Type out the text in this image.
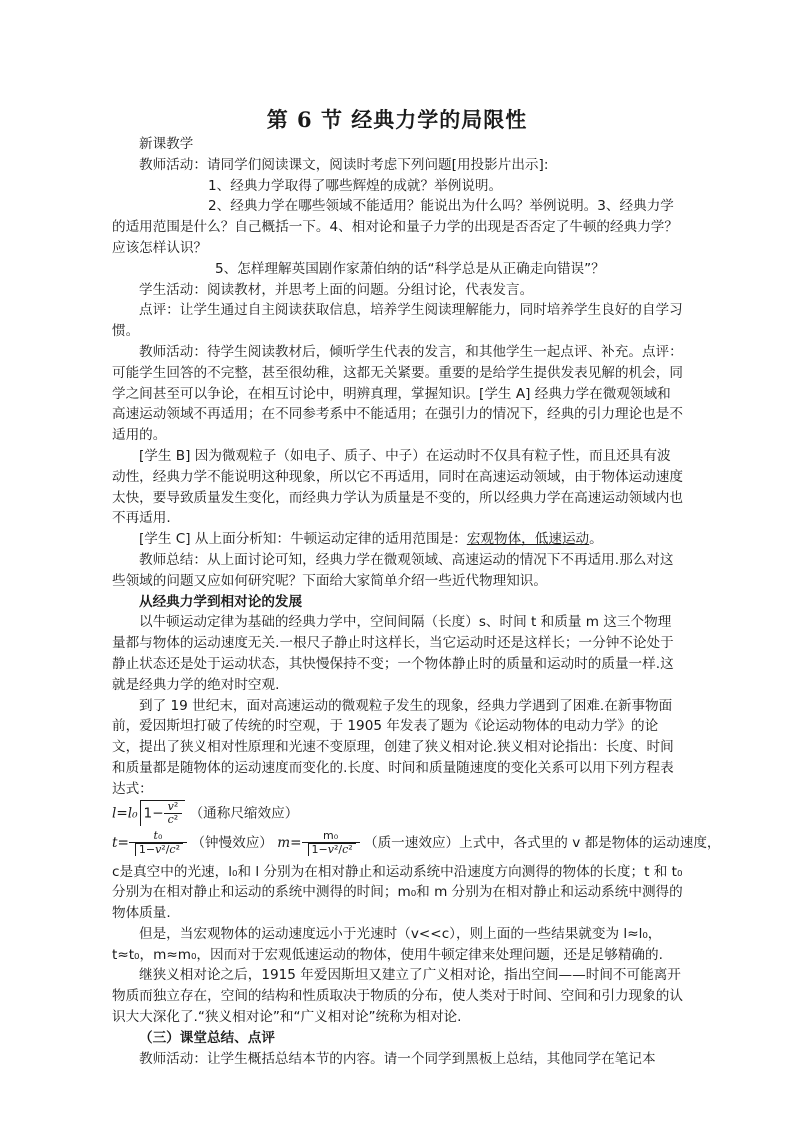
第 6 节 经典力学的局限性

新课教学

教师活动：请同学们阅读课文，阅读时考虑下列问题[用投影片出示]:

1、经典力学取得了哪些辉煌的成就？举例说明。

2、经典力学在哪些领域不能适用？能说出为什么吗？举例说明。3、经典力学的适用范围是什么？自己概括一下。4、相对论和量子力学的出现是否否定了牛顿的经典力学？应该怎样认识？

5、怎样理解英国剧作家萧伯纳的话“科学总是从正确走向错误”？

学生活动：阅读教材，并思考上面的问题。分组讨论，代表发言。

点评：让学生通过自主阅读获取信息，培养学生阅读理解能力，同时培养学生良好的自学习惯。

教师活动：待学生阅读教材后，倾听学生代表的发言，和其他学生一起点评、补充。点评：可能学生回答的不完整，甚至很幼稚，这都无关紧要。重要的是给学生提供发表见解的机会，同学之间甚至可以争论，在相互讨论中，明辨真理，掌握知识。[学生 A] 经典力学在微观领域和高速运动领域不再适用；在不同参考系中不能适用；在强引力的情况下，经典的引力理论也是不适用的。

[学生 B] 因为微观粒子（如电子、质子、中子）在运动时不仅具有粒子性，而且还具有波动性，经典力学不能说明这种现象，所以它不再适用，同时在高速运动领域，由于物体运动速度太快，要导致质量发生变化，而经典力学认为质量是不变的，所以经典力学在高速运动领域内也不再适用.

[学生 C] 从上面分析知：牛顿运动定律的适用范围是：宏观物体，低速运动。

教师总结：从上面讨论可知，经典力学在微观领域、高速运动的情况下不再适用.那么对这些领域的问题又应如何研究呢？下面给大家简单介绍一些近代物理知识。

从经典力学到相对论的发展

以牛顿运动定律为基础的经典力学中，空间间隔（长度）s、时间 t 和质量 m 这三个物理量都与物体的运动速度无关.一根尺子静止时这样长，当它运动时还是这样长；一分钟不论处于静止状态还是处于运动状态，其快慢保持不变；一个物体静止时的质量和运动时的质量一样.这就是经典力学的绝对时空观.

到了 19 世纪末，面对高速运动的微观粒子发生的现象，经典力学遇到了困难.在新事物面前，爱因斯坦打破了传统的时空观，于 1905 年发表了题为《论运动物体的电动力学》的论文，提出了狭义相对性原理和光速不变原理，创建了狭义相对论.狭义相对论指出：长度、时间和质量都是随物体的运动速度而变化的.长度、时间和质量随速度的变化关系可以用下列方程表达式：

l=l₀ $1- \frac{\text{v²}}{\text{c²}}$ （通称尺缩效应）
$t= \frac{\text{t₀}}{\text{1−v²/c²}}$ （钟慢效应） $m= \frac{\text{m₀}}{\text{1−v²/c²}}$ （质一速效应）上式中，各式里的 v 都是物体的运动速度，

c是真空中的光速，l₀和 l 分别为在相对静止和运动系统中沿速度方向测得的物体的长度；t 和 t₀分别为在相对静止和运动的系统中测得的时间；m₀和 m 分别为在相对静止和运动系统中测得的物体质量.

但是，当宏观物体的运动速度远小于光速时（v<<c），则上面的一些结果就变为 l≈l₀，t≈t₀，m≈m₀，因而对于宏观低速运动的物体，使用牛顿定律来处理问题，还是足够精确的.

继狭义相对论之后，1915 年爱因斯坦又建立了广义相对论，指出空间——时间不可能离开物质而独立存在，空间的结构和性质取决于物质的分布，使人类对于时间、空间和引力现象的认识大大深化了.“狭义相对论”和“广义相对论”统称为相对论.

（三）课堂总结、点评

教师活动：让学生概括总结本节的内容。请一个同学到黑板上总结，其他同学在笔记本
